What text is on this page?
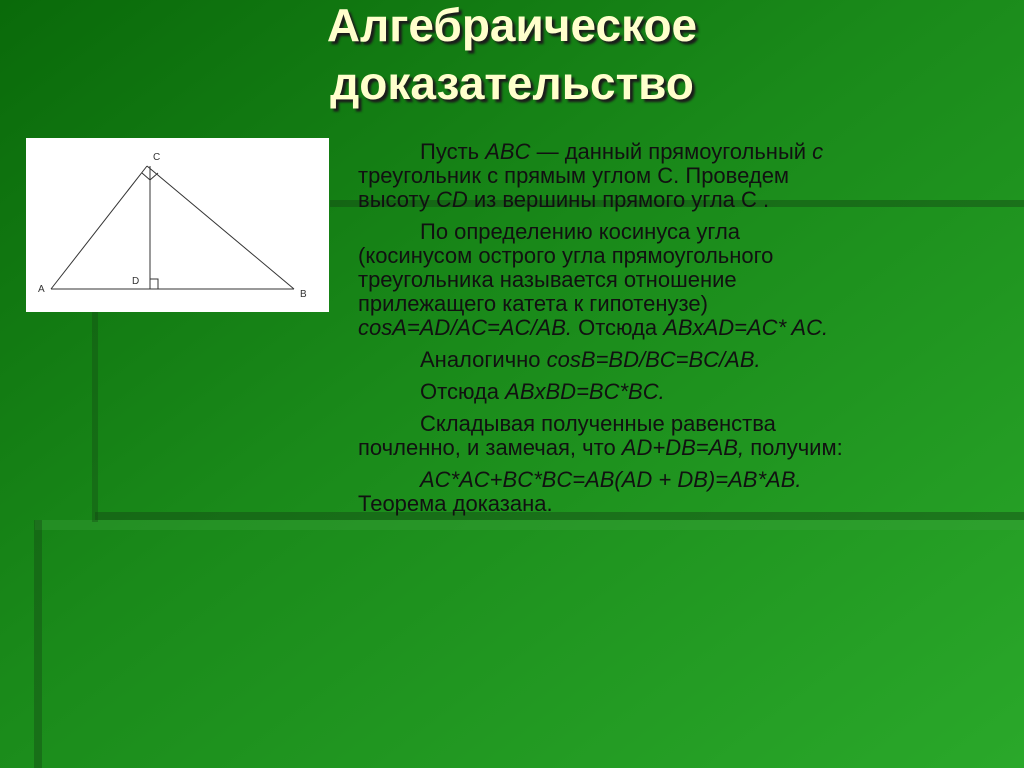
Алгебраическое
доказательство
A	B
C
D

Пусть ABC — данный прямоугольный c
треугольник с прямым углом С. Проведем
высоту CD из вершины прямого угла С .

По определению косинуса угла
(косинусом острого угла прямоугольного
треугольника называется отношение
прилежащего катета к гипотенузе)
cosA=AD/AC=AC/AB. Отсюда ABxAD=AC* AC.

Аналогично cosB=BD/BC=BC/AB.

Отсюда ABxBD=BC*BC.

Складывая полученные равенства
почленно, и замечая, что AD+DB=AB, получим:

AC*AC+BC*BC=AB(AD + DB)=AB*AB.
Теорема доказана.
